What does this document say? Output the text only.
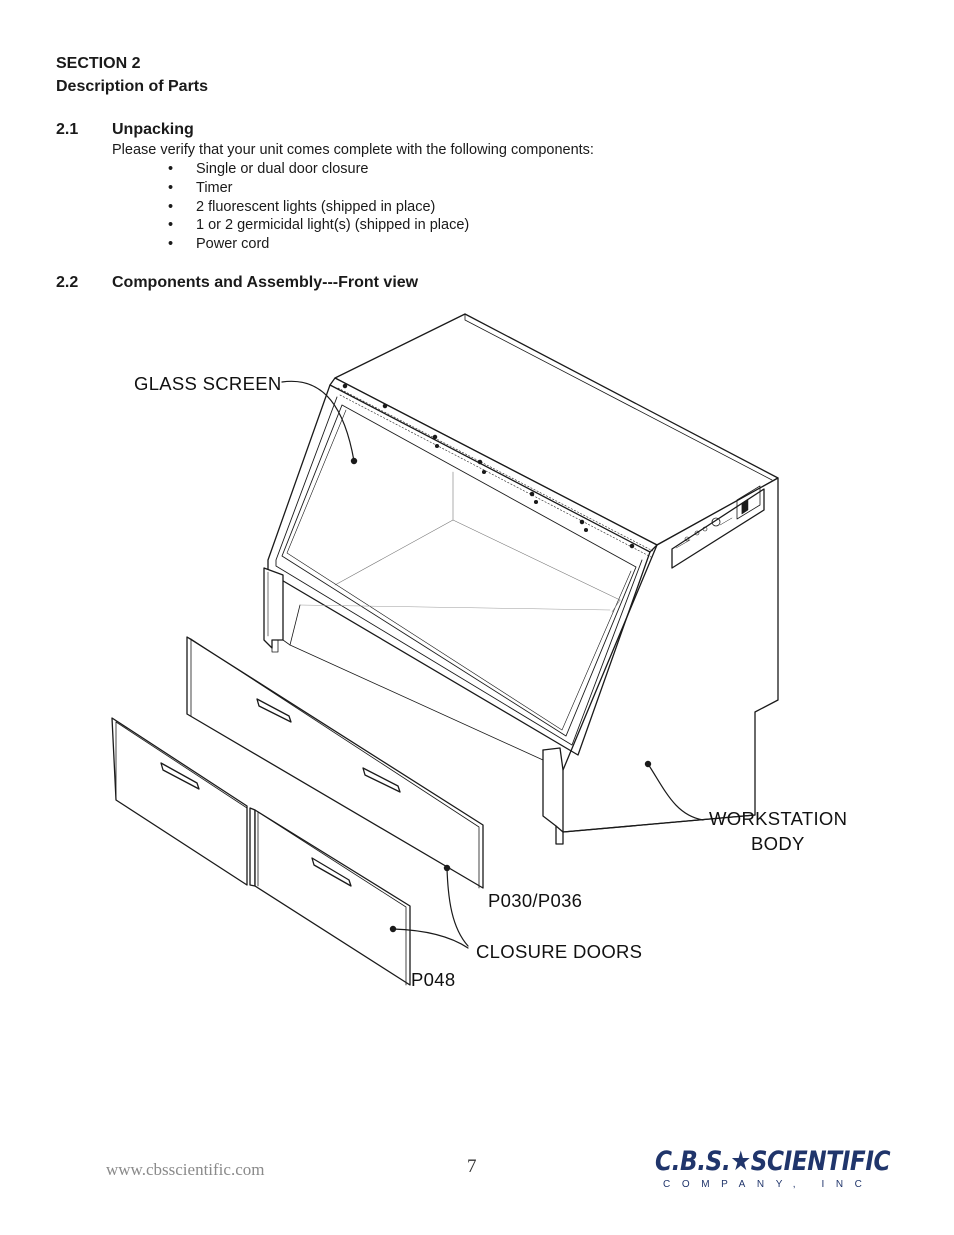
SECTION 2
Description of Parts
2.1 Unpacking
Please verify that your unit comes complete with the following components:
• Single or dual door closure
• Timer
• 2 fluorescent lights (shipped in place)
• 1 or 2 germicidal light(s) (shipped in place)
• Power cord
2.2 Components and Assembly---Front view
GLASS SCREEN
WORKSTATION
BODY
P030/P036
CLOSURE DOORS
P048
www.cbsscientific.com	7	C.B.S.★SCIENTIFIC
COMPANY, INC
